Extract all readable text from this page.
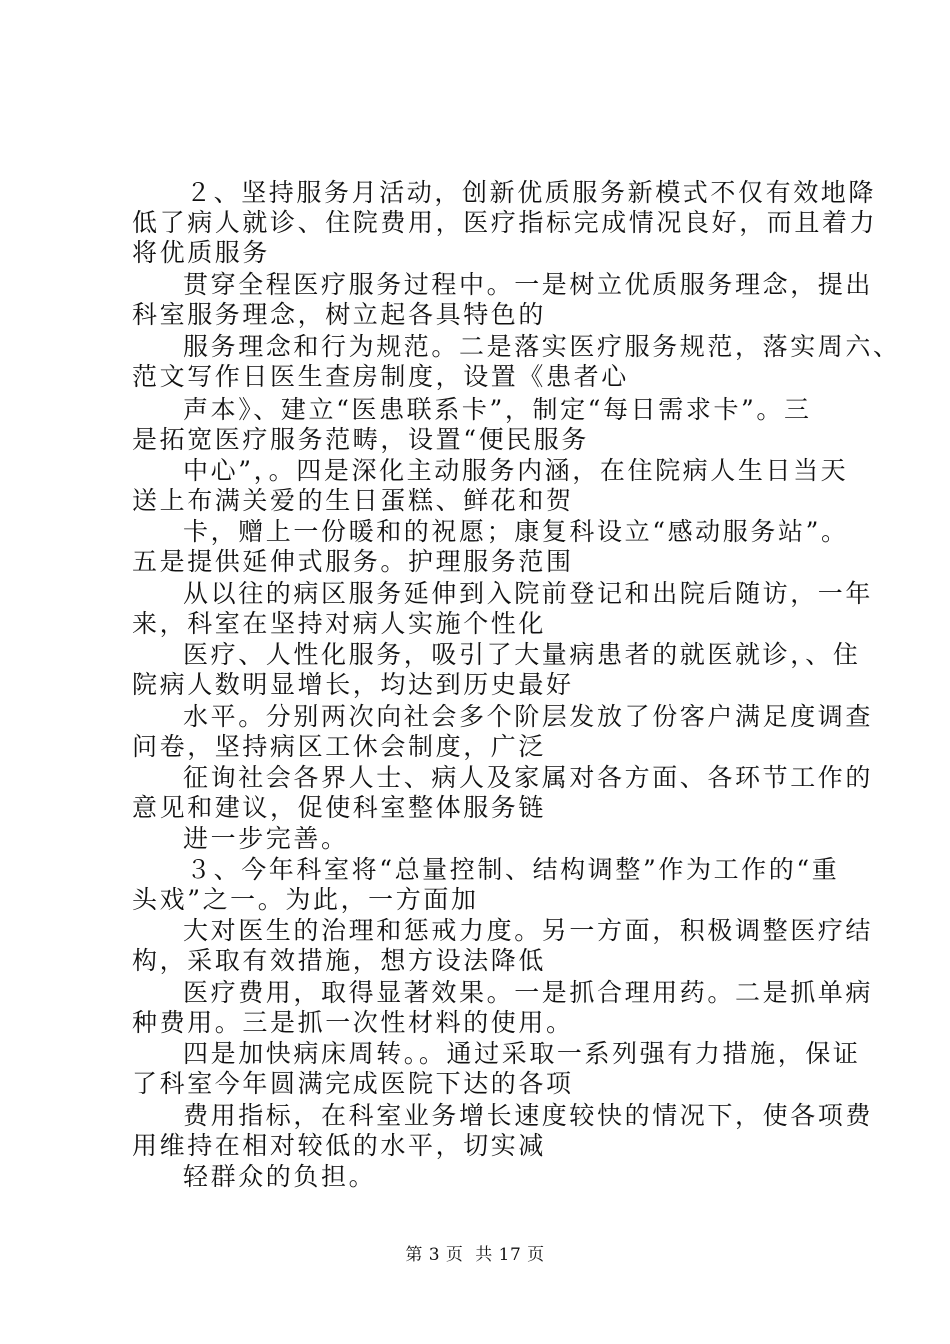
２、坚持服务月活动，创新优质服务新模式不仅有效地降
低了病人就诊、住院费用，医疗指标完成情况良好，而且着力
将优质服务
贯穿全程医疗服务过程中。一是树立优质服务理念，提出
科室服务理念，树立起各具特色的
服务理念和行为规范。二是落实医疗服务规范，落实周六、
范文写作日医生查房制度，设置《患者心
声本》、建立“医患联系卡”，制定“每日需求卡”。三
是拓宽医疗服务范畴，设置“便民服务
中心”，。四是深化主动服务内涵，在住院病人生日当天
送上布满关爱的生日蛋糕、鲜花和贺
卡，赠上一份暖和的祝愿；康复科设立“感动服务站”。
五是提供延伸式服务。护理服务范围
从以往的病区服务延伸到入院前登记和出院后随访，一年
来，科室在坚持对病人实施个性化
医疗、人性化服务，吸引了大量病患者的就医就诊，、住
院病人数明显增长，均达到历史最好
水平。分别两次向社会多个阶层发放了份客户满足度调查
问卷，坚持病区工休会制度，广泛
征询社会各界人士、病人及家属对各方面、各环节工作的
意见和建议，促使科室整体服务链
进一步完善。
３、今年科室将“总量控制、结构调整”作为工作的“重
头戏”之一。为此，一方面加
大对医生的治理和惩戒力度。另一方面，积极调整医疗结
构，采取有效措施，想方设法降低
医疗费用，取得显著效果。一是抓合理用药。二是抓单病
种费用。三是抓一次性材料的使用。
四是加快病床周转。。通过采取一系列强有力措施，保证
了科室今年圆满完成医院下达的各项
费用指标，在科室业务增长速度较快的情况下，使各项费
用维持在相对较低的水平，切实减
轻群众的负担。
第 3 页  共 17 页
